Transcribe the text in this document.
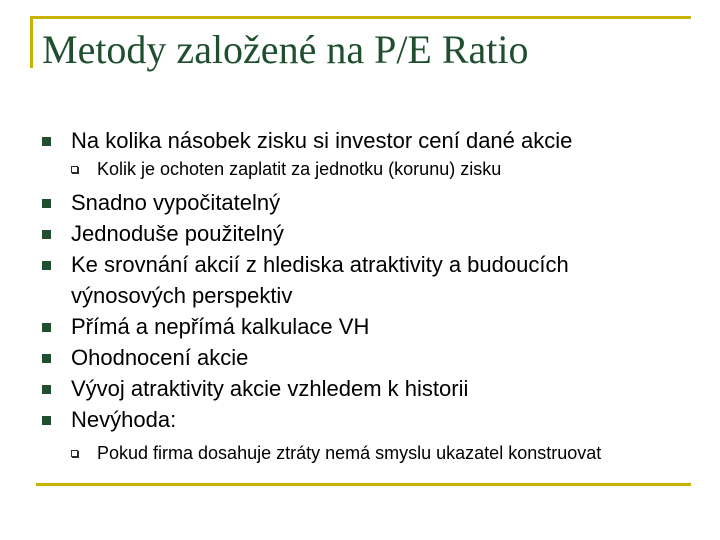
Metody založené na P/E Ratio
Na kolika násobek zisku si investor cení dané akcie
Kolik je ochoten zaplatit za jednotku (korunu) zisku
Snadno vypočitatelný
Jednoduše použitelný
Ke srovnání akcií z hlediska atraktivity a budoucích výnosových perspektiv
Přímá a nepřímá kalkulace VH
Ohodnocení akcie
Vývoj atraktivity akcie vzhledem k historii
Nevýhoda:
Pokud firma dosahuje ztráty nemá smyslu ukazatel konstruovat
